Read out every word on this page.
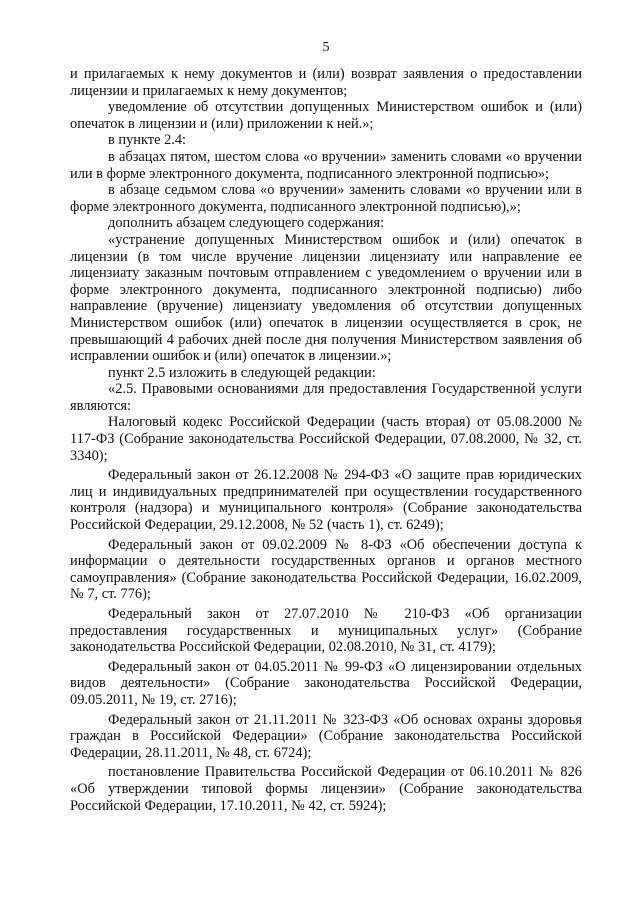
5

и прилагаемых к нему документов и (или) возврат заявления о предоставлении лицензии и прилагаемых к нему документов;

уведомление об отсутствии допущенных Министерством ошибок и (или) опечаток в лицензии и (или) приложении к ней.»;

в пункте 2.4:

в абзацах пятом, шестом слова «о вручении» заменить словами «о вручении или в форме электронного документа, подписанного электронной подписью»;

в абзаце седьмом слова «о вручении» заменить словами «о вручении или в форме электронного документа, подписанного электронной подписью),»;

дополнить абзацем следующего содержания:

«устранение допущенных Министерством ошибок и (или) опечаток в лицензии (в том числе вручение лицензии лицензиату или направление ее лицензиату заказным почтовым отправлением с уведомлением о вручении или в форме электронного документа, подписанного электронной подписью) либо направление (вручение) лицензиату уведомления об отсутствии допущенных Министерством ошибок (или) опечаток в лицензии осуществляется в срок, не превышающий 4 рабочих дней после дня получения Министерством заявления об исправлении ошибок и (или) опечаток в лицензии.»;

пункт 2.5 изложить в следующей редакции:

«2.5. Правовыми основаниями для предоставления Государственной услуги являются:

Налоговый кодекс Российской Федерации (часть вторая) от 05.08.2000 № 117-ФЗ (Собрание законодательства Российской Федерации, 07.08.2000, № 32, ст. 3340);

Федеральный закон от 26.12.2008 № 294-ФЗ «О защите прав юридических лиц и индивидуальных предпринимателей при осуществлении государственного контроля (надзора) и муниципального контроля» (Собрание законодательства Российской Федерации, 29.12.2008, № 52 (часть 1), ст. 6249);

Федеральный закон от 09.02.2009 № 8-ФЗ «Об обеспечении доступа к информации о деятельности государственных органов и органов местного самоуправления» (Собрание законодательства Российской Федерации, 16.02.2009, № 7, ст. 776);

Федеральный закон от 27.07.2010 № 210-ФЗ «Об организации предоставления государственных и муниципальных услуг» (Собрание законодательства Российской Федерации, 02.08.2010, № 31, ст. 4179);

Федеральный закон от 04.05.2011 № 99-ФЗ «О лицензировании отдельных видов деятельности» (Собрание законодательства Российской Федерации, 09.05.2011, № 19, ст. 2716);

Федеральный закон от 21.11.2011 № 323-ФЗ «Об основах охраны здоровья граждан в Российской Федерации» (Собрание законодательства Российской Федерации, 28.11.2011, № 48, ст. 6724);

постановление Правительства Российской Федерации от 06.10.2011 № 826 «Об утверждении типовой формы лицензии» (Собрание законодательства Российской Федерации, 17.10.2011, № 42, ст. 5924);
